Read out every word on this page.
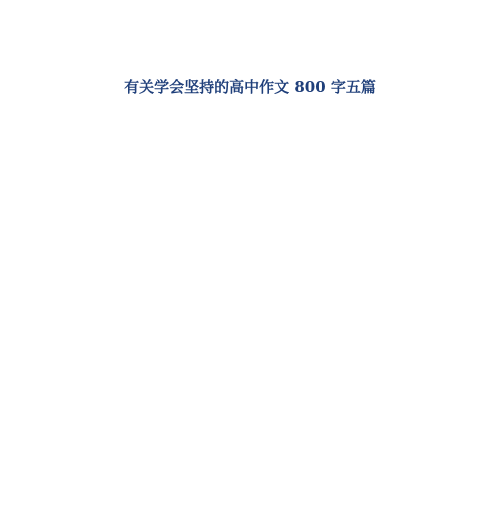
有关学会坚持的高中作文 800 字五篇
